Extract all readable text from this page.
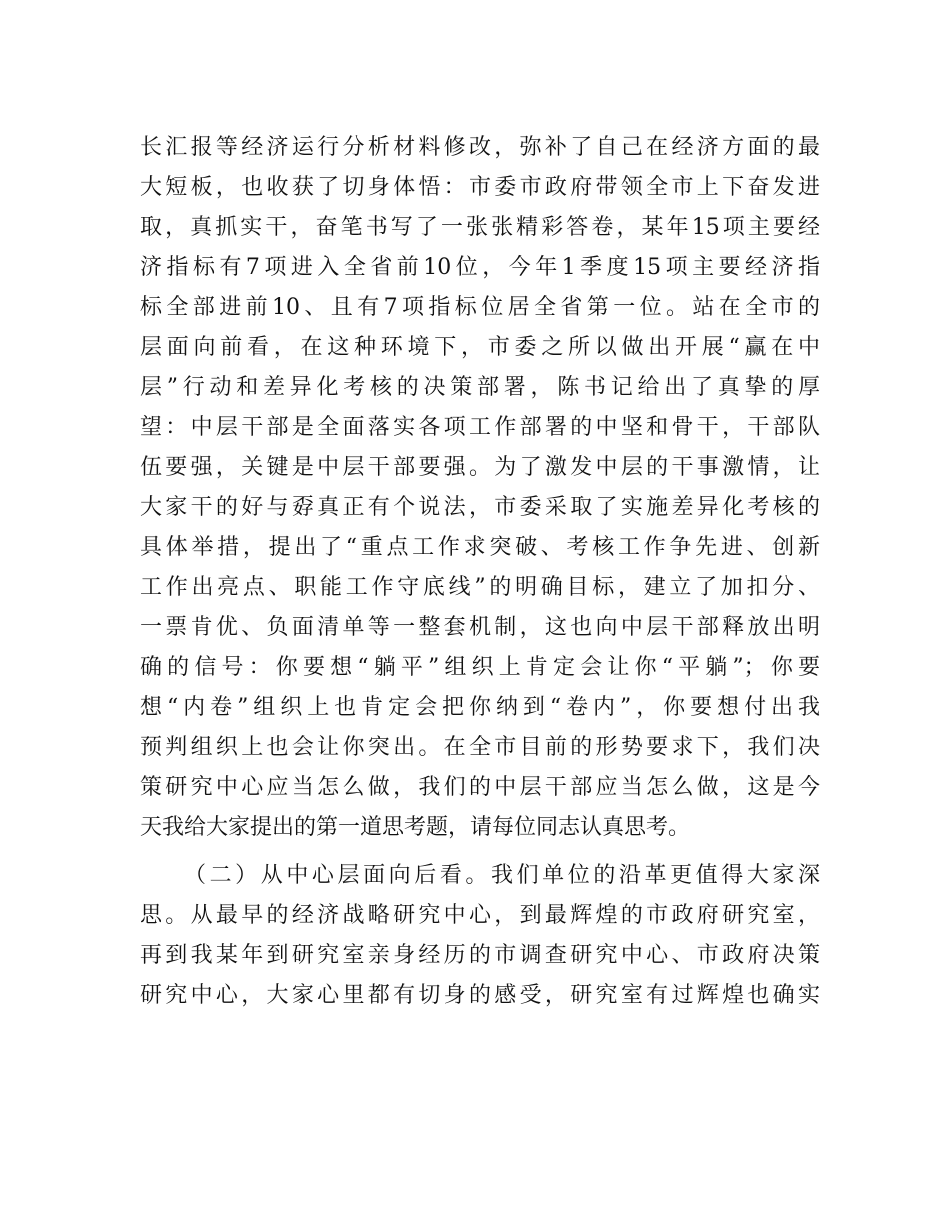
长汇报等经济运行分析材料修改，弥补了自己在经济方面的最
大短板，也收获了切身体悟：市委市政府带领全市上下奋发进
取，真抓实干，奋笔书写了一张张精彩答卷，某年15项主要经
济指标有7项进入全省前10位，今年1季度15项主要经济指
标全部进前10、且有7项指标位居全省第一位。站在全市的
层面向前看，在这种环境下，市委之所以做出开展“赢在中
层”行动和差异化考核的决策部署，陈书记给出了真挚的厚
望：中层干部是全面落实各项工作部署的中坚和骨干，干部队
伍要强，关键是中层干部要强。为了激发中层的干事激情，让
大家干的好与孬真正有个说法，市委采取了实施差异化考核的
具体举措，提出了“重点工作求突破、考核工作争先进、创新
工作出亮点、职能工作守底线”的明确目标，建立了加扣分、
一票肯优、负面清单等一整套机制，这也向中层干部释放出明
确的信号：你要想“躺平”组织上肯定会让你“平躺”；你要
想“内卷”组织上也肯定会把你纳到“卷内”，你要想付出我
预判组织上也会让你突出。在全市目前的形势要求下，我们决
策研究中心应当怎么做，我们的中层干部应当怎么做，这是今
天我给大家提出的第一道思考题，请每位同志认真思考。
（二）从中心层面向后看。我们单位的沿革更值得大家深
思。从最早的经济战略研究中心，到最辉煌的市政府研究室，
再到我某年到研究室亲身经历的市调查研究中心、市政府决策
研究中心，大家心里都有切身的感受，研究室有过辉煌也确实
